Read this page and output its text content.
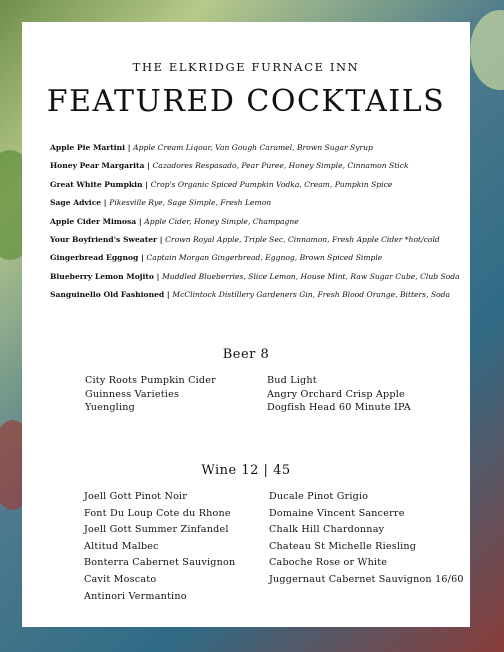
THE ELKRIDGE FURNACE INN
FEATURED COCKTAILS
Apple Pie Martini | Apple Cream Liqour, Van Gough Caramel, Brown Sugar Syrup
Honey Pear Margarita | Cazadores Respasado, Pear Puree, Honey Simple, Cinnamon Stick
Great White Pumpkin | Crop's Organic Spiced Pumpkin Vodka, Cream, Pumpkin Spice
Sage Advice | Pikesville Rye, Sage Simple, Fresh Lemon
Apple Cider Mimosa | Apple Cider, Honey Simple, Champagne
Your Boyfriend's Sweater | Crown Royal Apple, Triple Sec, Cinnamon, Fresh Apple Cider *hot/cold
Gingerbread Eggnog | Captain Morgan Gingerbread, Eggnog, Brown Spiced Simple
Blueberry Lemon Mojito | Muddled Blueberries, Slice Lemon, House Mint, Raw Sugar Cube, Club Soda
Sanguinello Old Fashioned | McClintock Distillery Gardeners Gin, Fresh Blood Orange, Bitters, Soda
Beer 8
City Roots Pumpkin Cider
Guinness Varieties
Yuengling
Bud Light
Angry Orchard Crisp Apple
Dogfish Head 60 Minute IPA
Wine 12 | 45
Joell Gott Pinot Noir
Font Du Loup Cote du Rhone
Joell Gott Summer Zinfandel
Altitud Malbec
Bonterra Cabernet Sauvignon
Cavit Moscato
Antinori Vermantino
Ducale Pinot Grigio
Domaine Vincent Sancerre
Chalk Hill Chardonnay
Chateau St Michelle Riesling
Caboche Rose or White
Juggernaut Cabernet Sauvignon 16/60
